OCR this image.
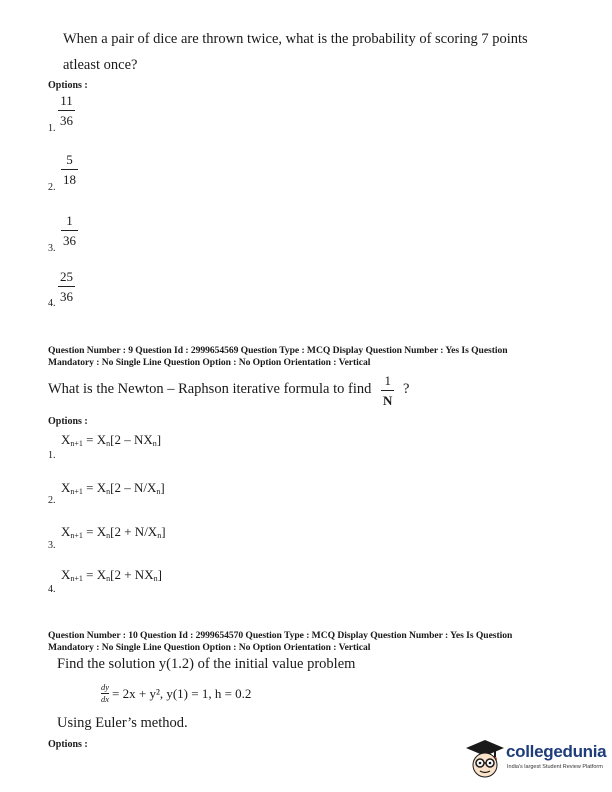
When a pair of dice are thrown twice, what is the probability of scoring 7 points
atleast once?
Options :
$\frac{11}{36}$
1.
$\frac{5}{18}$
2.
$\frac{1}{36}$
3.
$\frac{25}{36}$
4.
Question Number : 9 Question Id : 2999654569 Question Type : MCQ Display Question Number : Yes Is Question
Mandatory : No Single Line Question Option : No Option Orientation : Vertical
What is the Newton – Raphson iterative formula to find $\frac{1}{N}$ ?
Options :
$X_{n+1} = X_n[2 - NX_n]$
1.
$X_{n+1} = X_n[2 - N/X_n]$
2.
$X_{n+1} = X_n[2 + N/X_n]$
3.
$X_{n+1} = X_n[2 + NX_n]$
4.
Question Number : 10 Question Id : 2999654570 Question Type : MCQ Display Question Number : Yes Is Question
Mandatory : No Single Line Question Option : No Option Orientation : Vertical
Find the solution y(1.2) of the initial value problem
$\frac{dy}{dx} = 2x + y^2$, y(1) = 1, h = 0.2
Using Euler’s method.
Options :	collegedunia
India's largest Student Review Platform
